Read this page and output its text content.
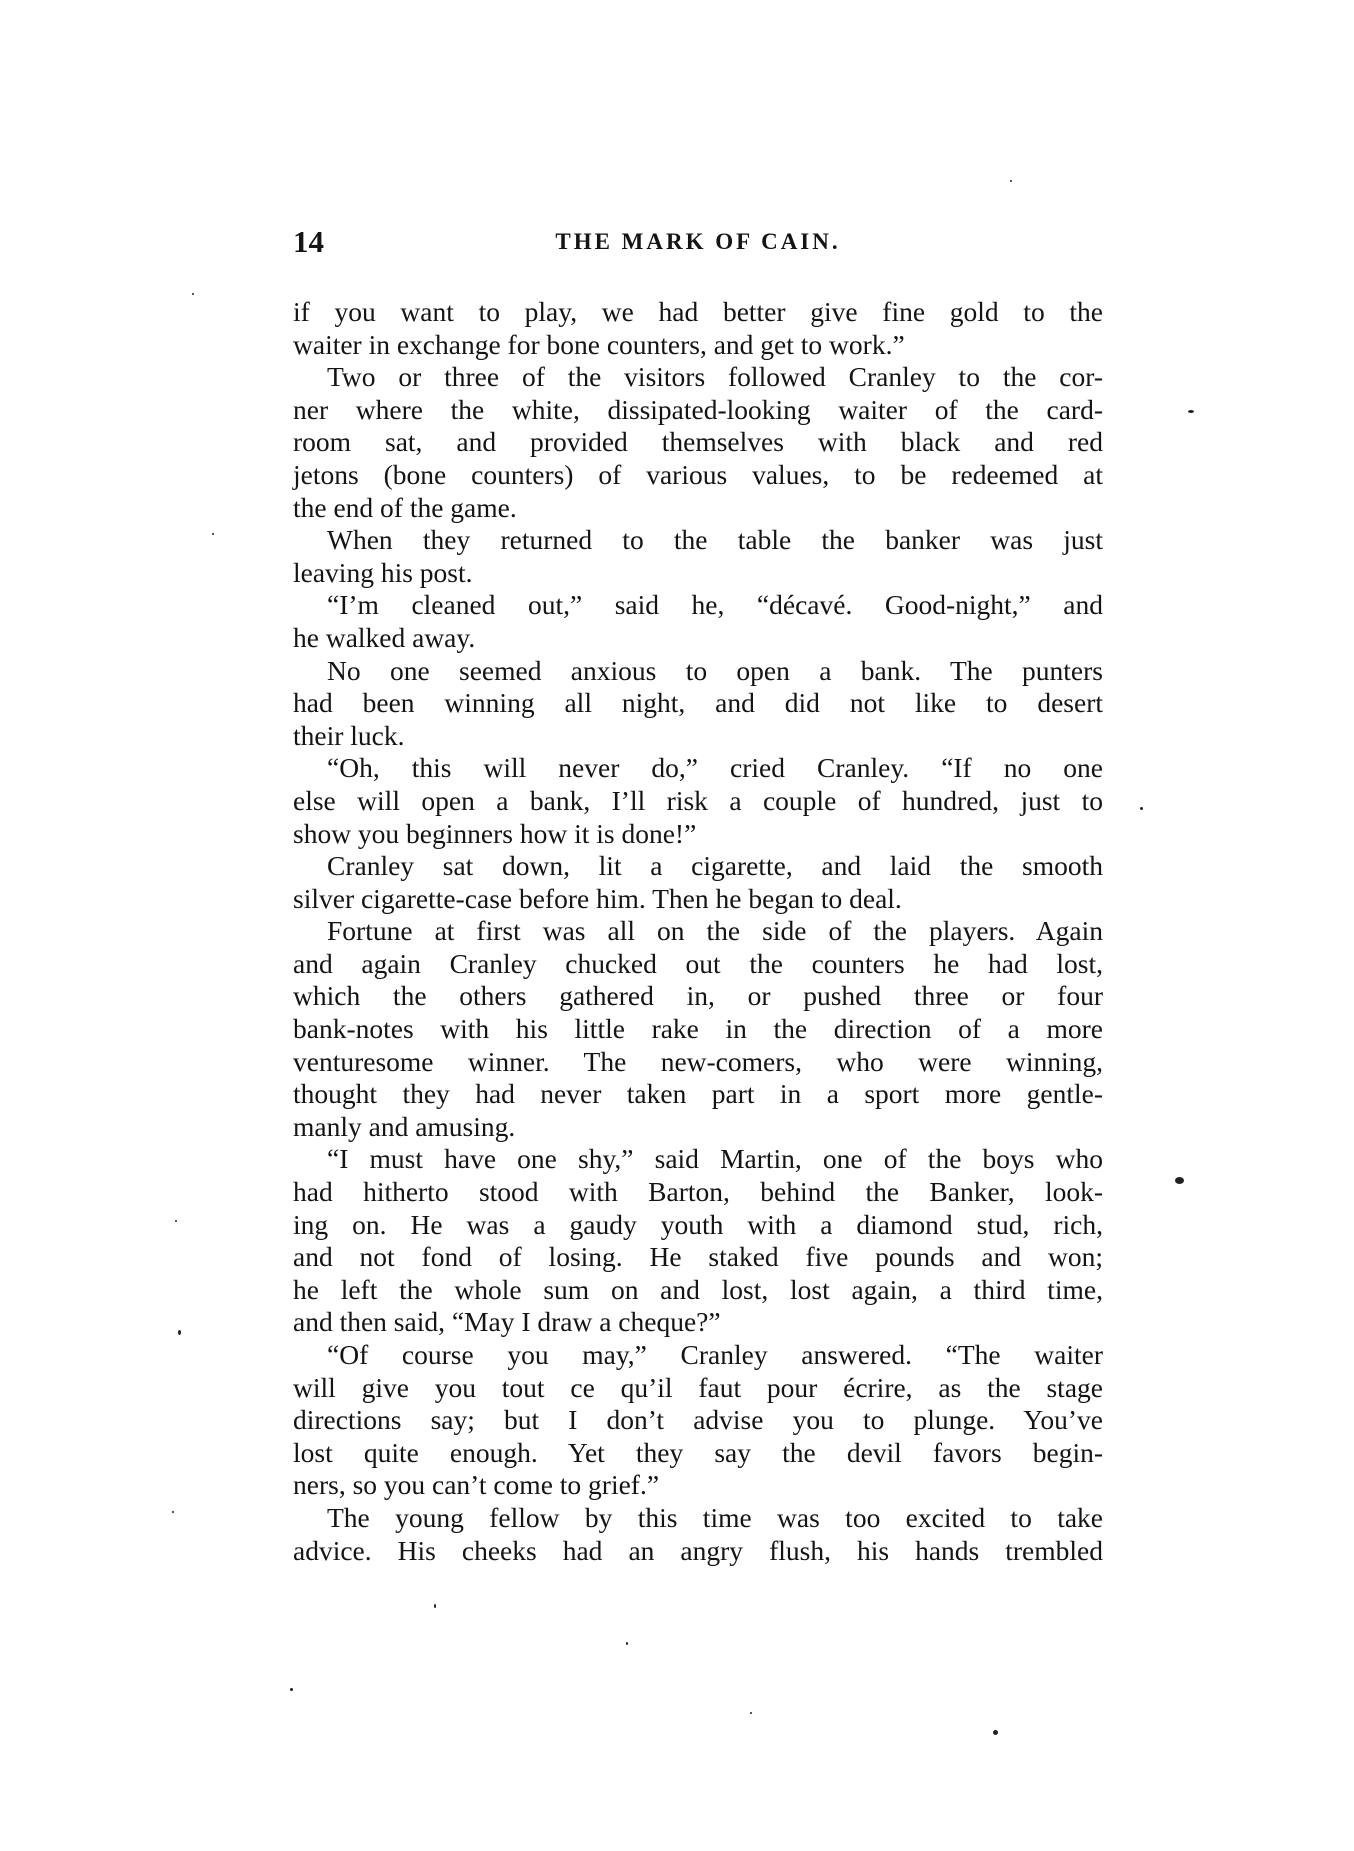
14	THE MARK OF CAIN.
if you want to play, we had better give fine gold to the
waiter in exchange for bone counters, and get to work.”
Two or three of the visitors followed Cranley to the cor-
ner where the white, dissipated-looking waiter of the card-
room sat, and provided themselves with black and red
jetons (bone counters) of various values, to be redeemed at
the end of the game.
When they returned to the table the banker was just
leaving his post.
“I’m cleaned out,” said he, “décavé. Good-night,” and
he walked away.
No one seemed anxious to open a bank. The punters
had been winning all night, and did not like to desert
their luck.
“Oh, this will never do,” cried Cranley. “If no one
else will open a bank, I’ll risk a couple of hundred, just to
show you beginners how it is done!”
Cranley sat down, lit a cigarette, and laid the smooth
silver cigarette-case before him. Then he began to deal.
Fortune at first was all on the side of the players. Again
and again Cranley chucked out the counters he had lost,
which the others gathered in, or pushed three or four
bank-notes with his little rake in the direction of a more
venturesome winner. The new-comers, who were winning,
thought they had never taken part in a sport more gentle-
manly and amusing.
“I must have one shy,” said Martin, one of the boys who
had hitherto stood with Barton, behind the Banker, look-
ing on. He was a gaudy youth with a diamond stud, rich,
and not fond of losing. He staked five pounds and won;
he left the whole sum on and lost, lost again, a third time,
and then said, “May I draw a cheque?”
“Of course you may,” Cranley answered. “The waiter
will give you tout ce qu’il faut pour écrire, as the stage
directions say; but I don’t advise you to plunge. You’ve
lost quite enough. Yet they say the devil favors begin-
ners, so you can’t come to grief.”
The young fellow by this time was too excited to take
advice. His cheeks had an angry flush, his hands trembled
